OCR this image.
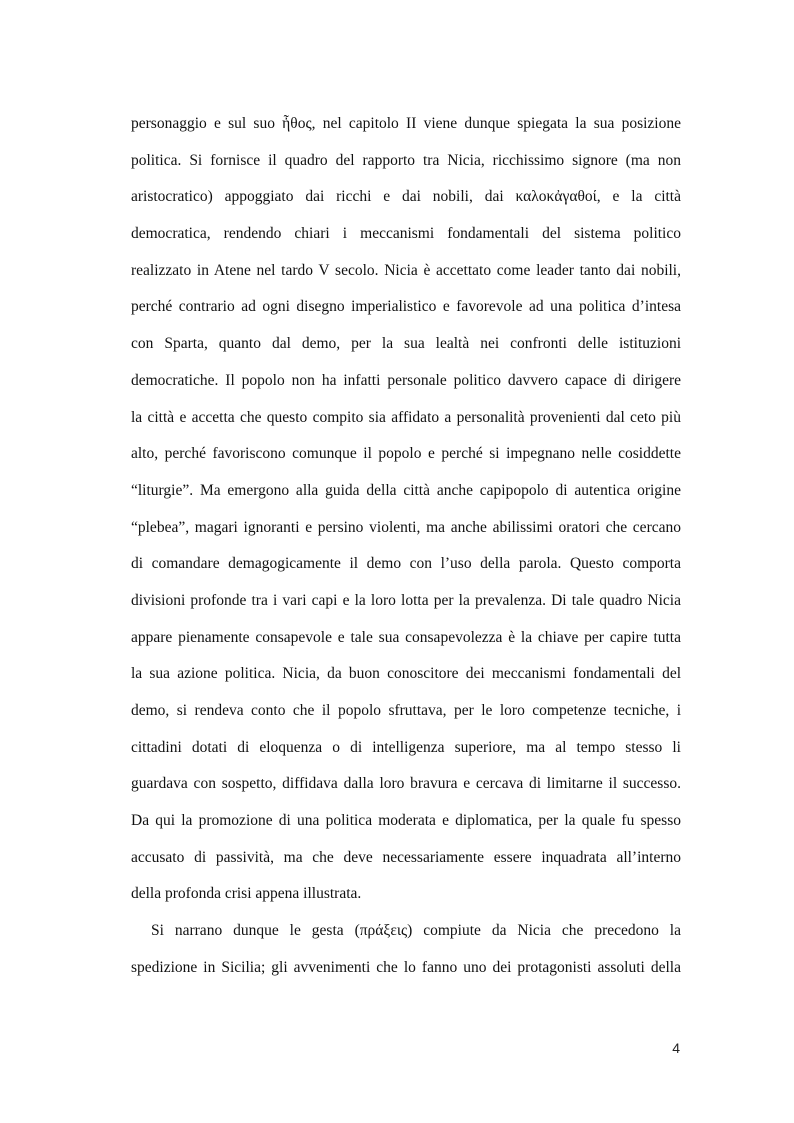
personaggio e sul suo ἦθος, nel capitolo II viene dunque spiegata la sua posizione
politica. Si fornisce il quadro del rapporto tra Nicia, ricchissimo signore (ma non
aristocratico) appoggiato dai ricchi e dai nobili, dai καλοκἀγαθοί, e la città
democratica, rendendo chiari i meccanismi fondamentali del sistema politico
realizzato in Atene nel tardo V secolo. Nicia è accettato come leader tanto dai nobili,
perché contrario ad ogni disegno imperialistico e favorevole ad una politica d’intesa
con Sparta, quanto dal demo, per la sua lealtà nei confronti delle istituzioni
democratiche. Il popolo non ha infatti personale politico davvero capace di dirigere
la città e accetta che questo compito sia affidato a personalità provenienti dal ceto più
alto, perché favoriscono comunque il popolo e perché si impegnano nelle cosiddette
“liturgie”. Ma emergono alla guida della città anche capipopolo di autentica origine
“plebea”, magari ignoranti e persino violenti, ma anche abilissimi oratori che cercano
di comandare demagogicamente il demo con l’uso della parola. Questo comporta
divisioni profonde tra i vari capi e la loro lotta per la prevalenza. Di tale quadro Nicia
appare pienamente consapevole e tale sua consapevolezza è la chiave per capire tutta
la sua azione politica. Nicia, da buon conoscitore dei meccanismi fondamentali del
demo, si rendeva conto che il popolo sfruttava, per le loro competenze tecniche, i
cittadini dotati di eloquenza o di intelligenza superiore, ma al tempo stesso li
guardava con sospetto, diffidava dalla loro bravura e cercava di limitarne il successo.
Da qui la promozione di una politica moderata e diplomatica, per la quale fu spesso
accusato di passività, ma che deve necessariamente essere inquadrata all’interno
della profonda crisi appena illustrata.
Si narrano dunque le gesta (πράξεις) compiute da Nicia che precedono la
spedizione in Sicilia; gli avvenimenti che lo fanno uno dei protagonisti assoluti della
4
